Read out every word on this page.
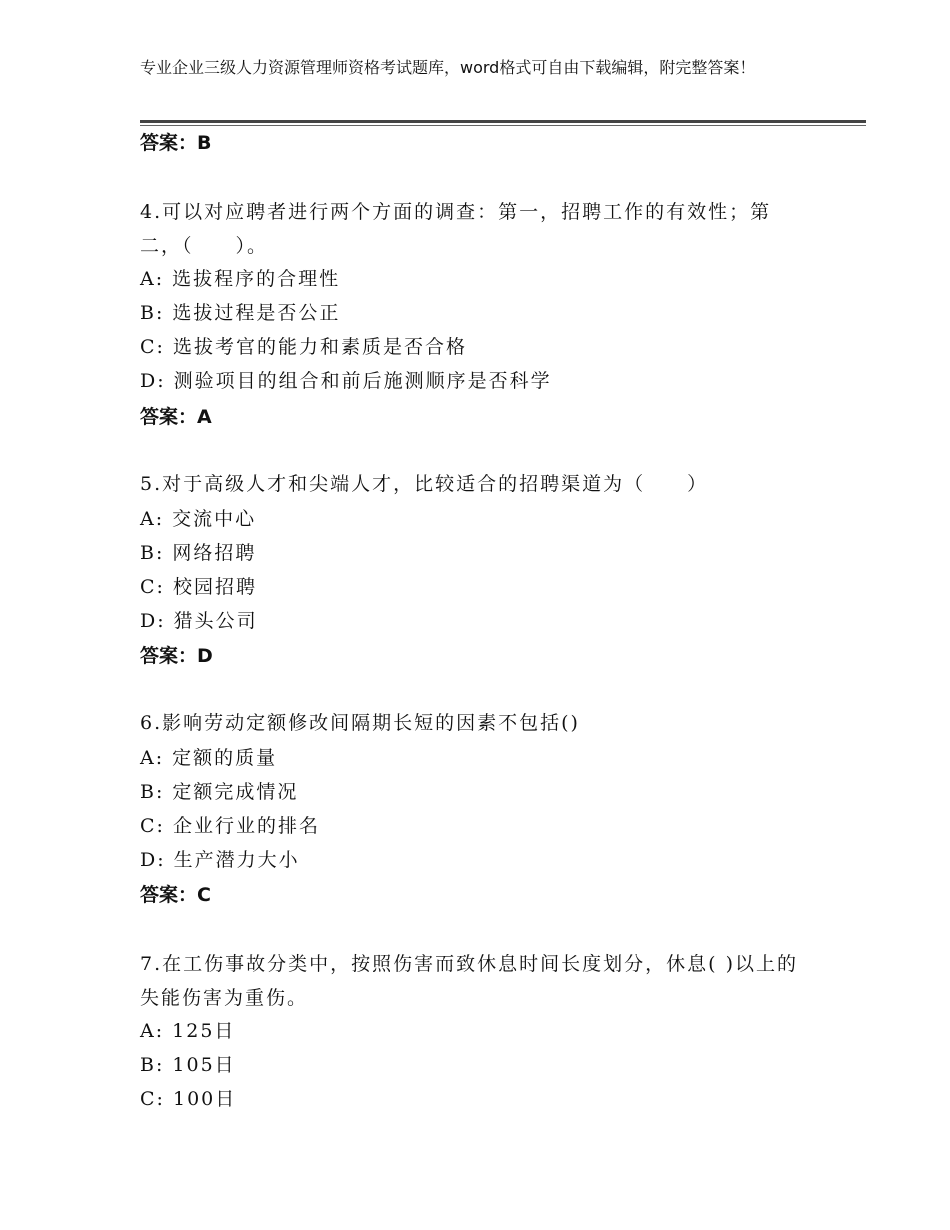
专业企业三级人力资源管理师资格考试题库，word格式可自由下载编辑，附完整答案！
答案：B
4.可以对应聘者进行两个方面的调查：第一，招聘工作的有效性；第二，（　　）。
A: 选拔程序的合理性
B: 选拔过程是否公正
C: 选拔考官的能力和素质是否合格
D: 测验项目的组合和前后施测顺序是否科学
答案：A
5.对于高级人才和尖端人才，比较适合的招聘渠道为（　　）
A: 交流中心
B: 网络招聘
C: 校园招聘
D: 猎头公司
答案：D
6.影响劳动定额修改间隔期长短的因素不包括()
A: 定额的质量
B: 定额完成情况
C: 企业行业的排名
D: 生产潜力大小
答案：C
7.在工伤事故分类中，按照伤害而致休息时间长度划分，休息( )以上的失能伤害为重伤。
A: 125日
B: 105日
C: 100日
